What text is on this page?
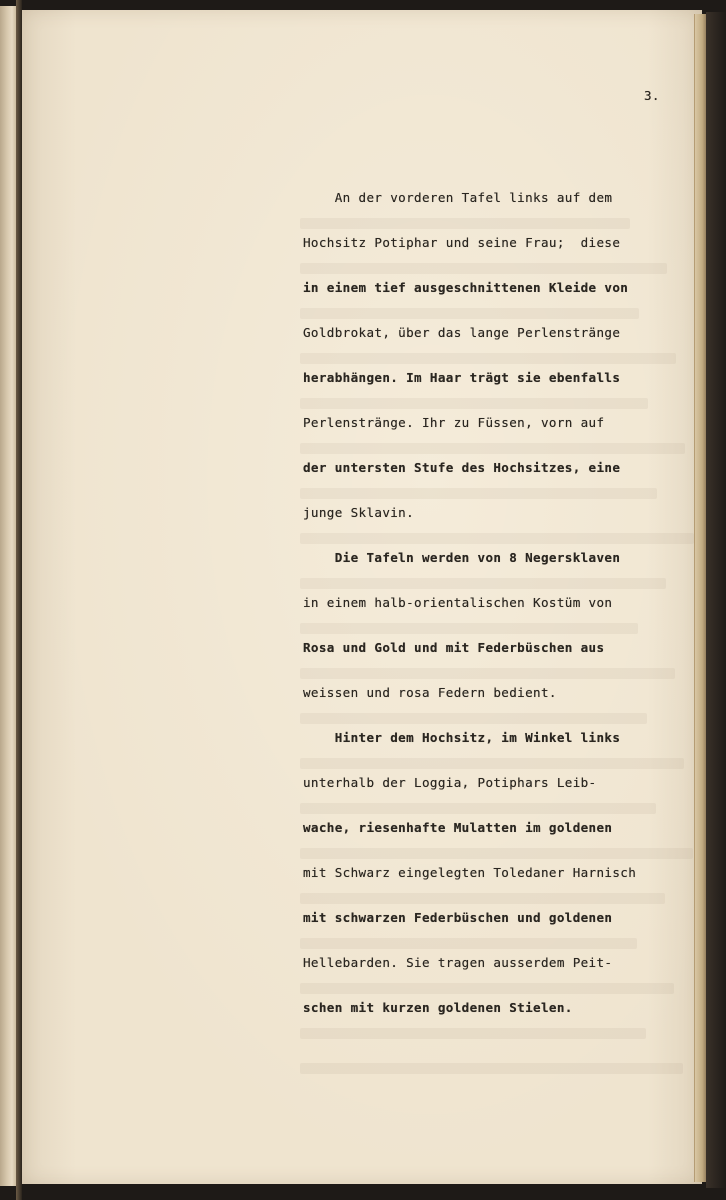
3.
An der vorderen Tafel links auf dem
Hochsitz Potiphar und seine Frau;  diese
in einem tief ausgeschnittenen Kleide von
Goldbrokat, über das lange Perlenstränge
herabhängen. Im Haar trägt sie ebenfalls
Perlenstränge. Ihr zu Füssen, vorn auf
der untersten Stufe des Hochsitzes, eine
junge Sklavin.
Die Tafeln werden von 8 Negersklaven
in einem halb-orientalischen Kostüm von
Rosa und Gold und mit Federbüschen aus
weissen und rosa Federn bedient.
Hinter dem Hochsitz, im Winkel links
unterhalb der Loggia, Potiphars Leib-
wache, riesenhafte Mulatten im goldenen
mit Schwarz eingelegten Toledaner Harnisch
mit schwarzen Federbüschen und goldenen
Hellebarden. Sie tragen ausserdem Peit-
schen mit kurzen goldenen Stielen.
